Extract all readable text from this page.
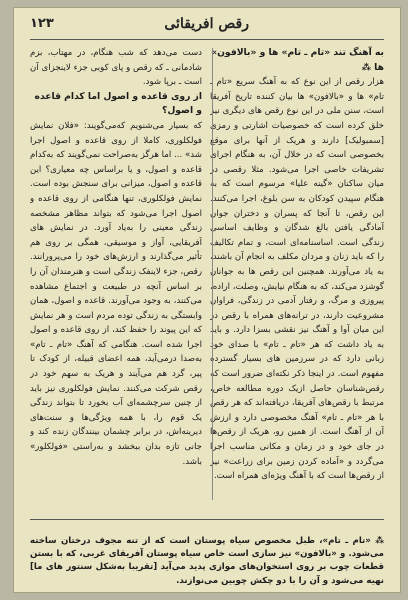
رقص افریقائی
۱۲۳
به آهنگ تند «تام ـ تام» ها و «بالافون» ها ⁂

هزار رقص از این نوع که به آهنگ سریع «تام ـ تام» ها و «بالافون» ها بیان کننده تاریخ آفریقا است، سنن ملی در این نوع رقص های دیگری نیز خلق کرده است که خصوصیات اشارتی و رمزی [سمبولیک] دارند و هریک از آنها برای موقع بخصوصی است که در خلال آن، به هنگام اجرای تشریفات خاصی اجرا می‌شود. مثلا رقصی در میان ساکنان «گینه علیا» مرسوم است که به هنگام سپیدن کودکان به سن بلوغ، اجرا می‌کنند. این رقص، تا آنجا که پسران و دختران جوان آمادگی یافتن بالغ شدگان و وظایف اساسی زندگی است. اساسنامه‌ای است، و تمام تکالیف را که باید زنان و مردان مکلف به انجام آن باشند، به یاد می‌آورند. همچنین این رقص ها به جوانان گوشزد می‌کند، که به هنگام نیایش، وصلت، اراده، پیروزی و مرگ، و رفتار آدمی در زندگی، فراوان مشروعیت دارند، در ترانه‌های همراه با رقص در این میان آوا و آهنگ نیز نقشی بسزا دارد. و باید به یاد داشت که هر «تام ـ تام» با صدای خود زبانی دارد که در سرزمین های بسیار گسترده مفهوم است. در اینجا ذکر نکته‌ای ضرور است که رقص‌شناسان حاصل ازیک دوره مطالعه خاص، مرتبط با رقص‌های آفریقا، دریافته‌اند که هر رقص با هر «تام ـ تام» آهنگ مخصوصی دارد و ارزش آن از آهنگ است. از همین رو، هریک از رقص‌ها در جای خود و در زمان و مکانی مناسب اجرا می‌گردد و «آماده کردن زمین برای زراعت» نیز از رقص‌ها است که با آهنگ ویژه‌ای همراه است.

دست می‌دهد که شب هنگام، در مهتاب، بزم شادمانی ـ که رقص و پای کوبی جزء لاینجزای آن است ـ برپا شود.

از روی قاعده و اصول اما کدام قاعده و اصول؟

که بسیار می‌شنویم که‌می‌گویند: «فلان نمایش فولکلوری، کاملا از روی قاعده و اصول اجرا شد» ... اما هرگز به‌صراحت نمی‌گویند که به‌کدام قاعده و اصول، و یا براساس چه معیاری؟ این قاعده و اصول، میزانی برای سنجش بوده است. نمایش فولکلوری، تنها هنگامی از روی قاعده و اصول اجرا می‌شود که بتواند مظاهر مشخصه زندگی معینی را به‌یاد آورد. در نمایش های آفریقایی، آواز و موسیقی، همگی بر روی هم تأثیر می‌گذارند و ارزش‌های خود را می‌پرورانند. رقص، جزء لاینفک زندگی است و هنرمندان آن را بر اساس آنچه در طبیعت و اجتماع مشاهده می‌کنند، به وجود می‌آورند. قاعده و اصول، همان وابستگی به زندگی توده مردم است و هر نمایش که این پیوند را حفظ کند، از روی قاعده و اصول اجرا شده است. هنگامی که آهنگ «تام ـ تام» به‌صدا درمی‌آید، همه اعضای قبیله، از کودک تا پیر، گرد هم می‌آیند و هریک به سهم خود در رقص شرکت می‌کنند. نمایش فولکلوری نیز باید از چنین سرچشمه‌ای آب بخورد تا بتواند زندگی یک قوم را، با همه ویژگی‌ها و سنت‌های دیرینه‌اش، در برابر چشمان بینندگان زنده کند و جانی تازه بدان ببخشد و به‌راستی «فولکلور» باشد.

⁂ «تام ـ تام»، طبل مخصوص سیاه پوستان است که از تنه مجوف درختان ساخته می‌شود. و «بالافون» نیز سازی است خاص سیاه پوستان آفریقای غربی، که با بستن قطعات چوب بر روی استخوان‌های موازی پدید می‌آید [تقریبا به‌شکل سنتور های ما] نهیه می‌شود و آن را با دو چکش چوبین می‌نوازند.
